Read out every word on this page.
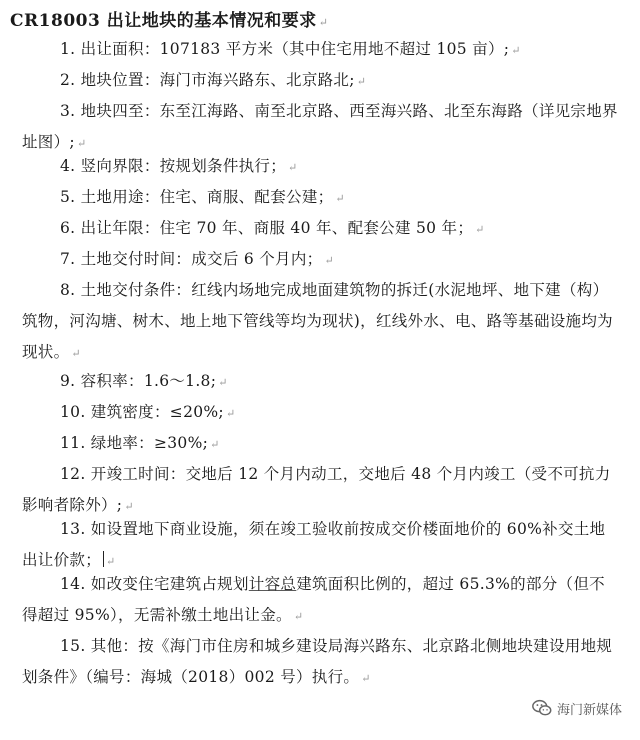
CR18003 出让地块的基本情况和要求 ↵
1. 出让面积：107183 平方米（其中住宅用地不超过 105 亩）; ↵
2. 地块位置：海门市海兴路东、北京路北; ↵
3. 地块四至：东至江海路、南至北京路、西至海兴路、北至东海路（详见宗地界址图）; ↵
4. 竖向界限：按规划条件执行； ↵
5. 土地用途：住宅、商服、配套公建； ↵
6. 出让年限：住宅 70 年、商服 40 年、配套公建 50 年； ↵
7. 土地交付时间：成交后 6 个月内； ↵
8. 土地交付条件：红线内场地完成地面建筑物的拆迁(水泥地坪、地下建（构）筑物，河沟塘、树木、地上地下管线等均为现状)，红线外水、电、路等基础设施均为现状。 ↵
9. 容积率：1.6～1.8; ↵
10. 建筑密度：≤20%; ↵
11. 绿地率：≥30%; ↵
12. 开竣工时间：交地后 12 个月内动工，交地后 48 个月内竣工（受不可抗力影响者除外）; ↵
13. 如设置地下商业设施，须在竣工验收前按成交价楼面地价的 60%补交土地出让价款； ↵
14. 如改变住宅建筑占规划计容总建筑面积比例的，超过 65.3%的部分（但不得超过 95%），无需补缴土地出让金。 ↵
15. 其他：按《海门市住房和城乡建设局海兴路东、北京路北侧地块建设用地规划条件》（编号：海城（2018）002 号）执行。 ↵
海门新媒体
